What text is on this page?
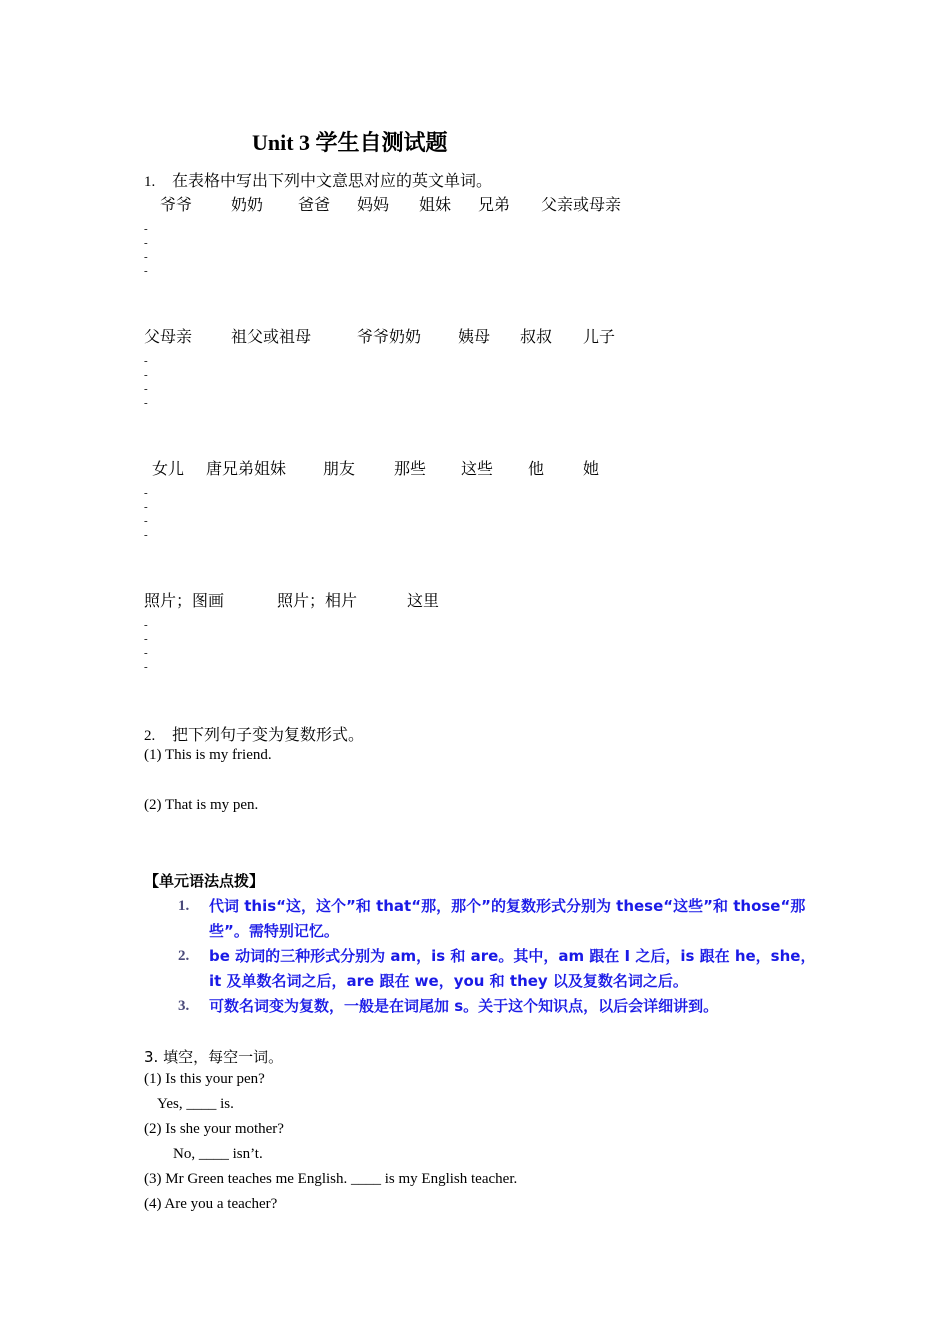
Unit 3 学生自测试题
1. 在表格中写出下列中文意思对应的英文单词。
爷爷 奶奶 爸爸 妈妈 姐妹 兄弟 父亲或母亲
-
-
-
-
父母亲 祖父或祖母	爷爷奶奶 姨母 叔叔 儿子
-
-
-
-
女儿 唐兄弟姐妹 朋友 那些 这些 他 她
-
-
-
-
照片；图画	照片；相片	这里
-
-
-
-
2. 把下列句子变为复数形式。
(1) This is my friend.
(2) That is my pen.
【单元语法点拨】
1. 代词 this“这，这个”和 that“那，那个”的复数形式分别为 these“这些”和 those“那些”。需特别记忆。
2. be 动词的三种形式分别为 am，is 和 are。其中，am 跟在 I 之后，is 跟在 he，she，it 及单数名词之后，are 跟在 we，you 和 they 以及复数名词之后。
3. 可数名词变为复数，一般是在词尾加 s。关于这个知识点，以后会详细讲到。
3. 填空，每空一词。
(1) Is this your pen?
Yes, ____ is.
(2) Is she your mother?
No, ____ isn’t.
(3) Mr Green teaches me English. ____ is my English teacher.
(4) Are you a teacher?
